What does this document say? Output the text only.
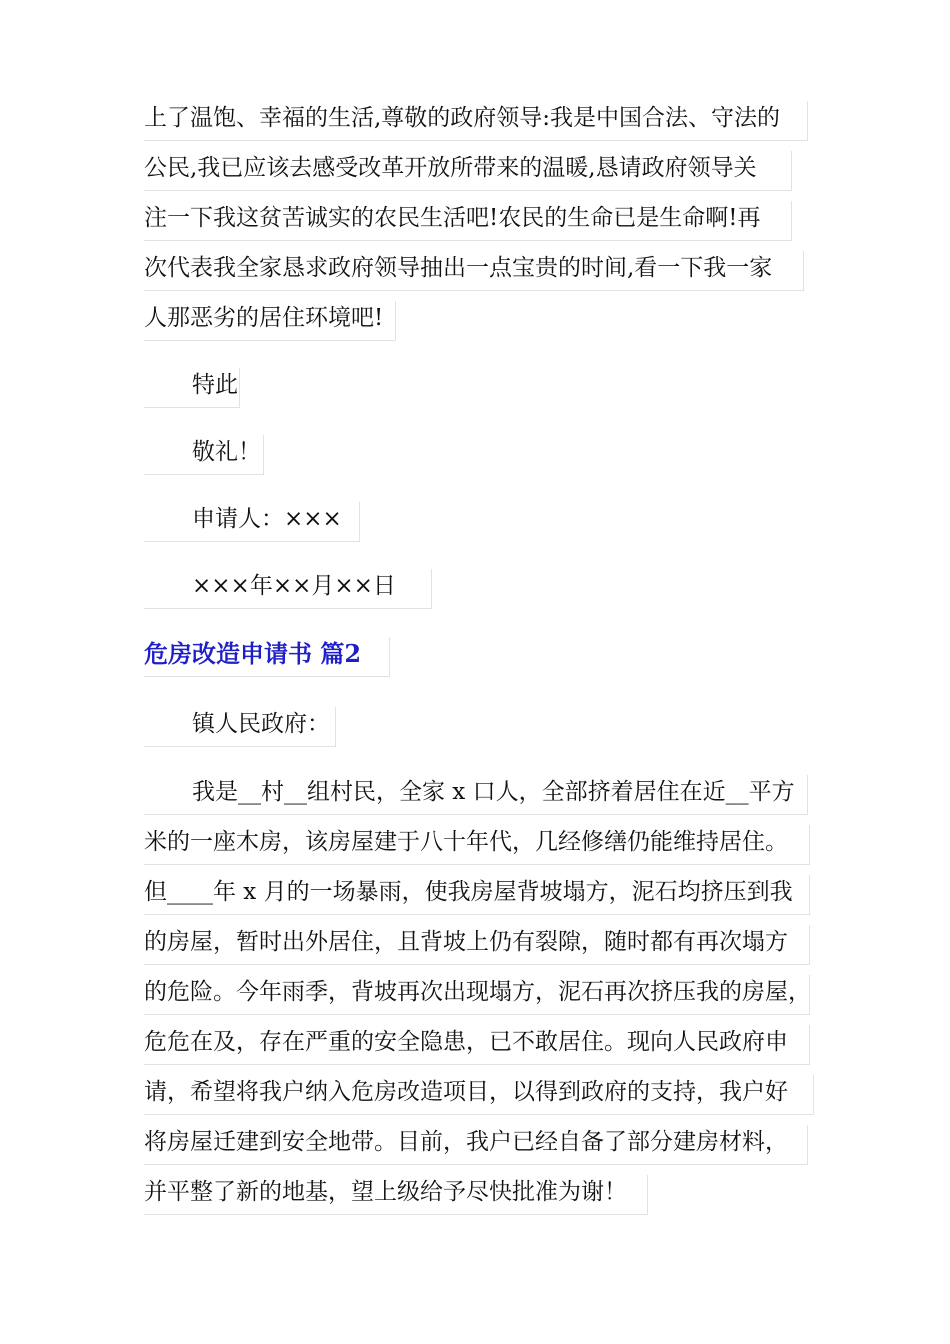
上了温饱、幸福的生活,尊敬的政府领导:我是中国合法、守法的
公民,我已应该去感受改革开放所带来的温暖,恳请政府领导关
注一下我这贫苦诚实的农民生活吧!农民的生命已是生命啊!再
次代表我全家恳求政府领导抽出一点宝贵的时间,看一下我一家
人那恶劣的居住环境吧!
特此
敬礼！
申请人：×××
×××年××月××日
危房改造申请书 篇2
镇人民政府：
我是__村__组村民，全家 x 口人，全部挤着居住在近__平方
米的一座木房，该房屋建于八十年代，几经修缮仍能维持居住。
但____年 x 月的一场暴雨，使我房屋背坡塌方，泥石均挤压到我
的房屋，暂时出外居住，且背坡上仍有裂隙，随时都有再次塌方
的危险。今年雨季，背坡再次出现塌方，泥石再次挤压我的房屋，
危危在及，存在严重的安全隐患，已不敢居住。现向人民政府申
请，希望将我户纳入危房改造项目，以得到政府的支持，我户好
将房屋迁建到安全地带。目前，我户已经自备了部分建房材料，
并平整了新的地基，望上级给予尽快批准为谢！
